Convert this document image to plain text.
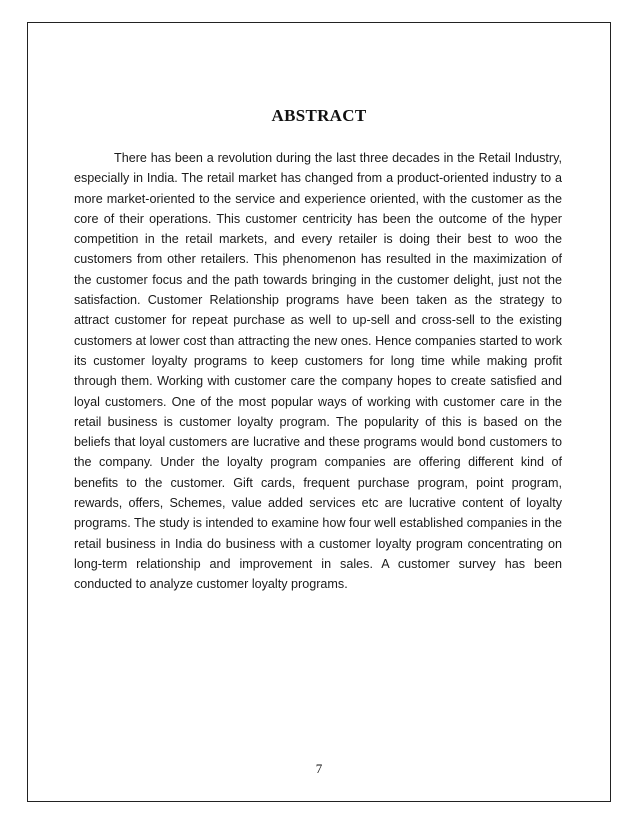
ABSTRACT

There has been a revolution during the last three decades in the Retail Industry, especially in India. The retail market has changed from a product-oriented industry to a more market-oriented to the service and experience oriented, with the customer as the core of their operations. This customer centricity has been the outcome of the hyper competition in the retail markets, and every retailer is doing their best to woo the customers from other retailers. This phenomenon has resulted in the maximization of the customer focus and the path towards bringing in the customer delight, just not the satisfaction. Customer Relationship programs have been taken as the strategy to attract customer for repeat purchase as well to up-sell and cross-sell to the existing customers at lower cost than attracting the new ones. Hence companies started to work its customer loyalty programs to keep customers for long time while making profit through them. Working with customer care the company hopes to create satisfied and loyal customers. One of the most popular ways of working with customer care in the retail business is customer loyalty program. The popularity of this is based on the beliefs that loyal customers are lucrative and these programs would bond customers to the company. Under the loyalty program companies are offering different kind of benefits to the customer. Gift cards, frequent purchase program, point program, rewards, offers, Schemes, value added services etc are lucrative content of loyalty programs. The study is intended to examine how four well established companies in the retail business in India do business with a customer loyalty program concentrating on long-term relationship and improvement in sales. A customer survey has been conducted to analyze customer loyalty programs.

7
